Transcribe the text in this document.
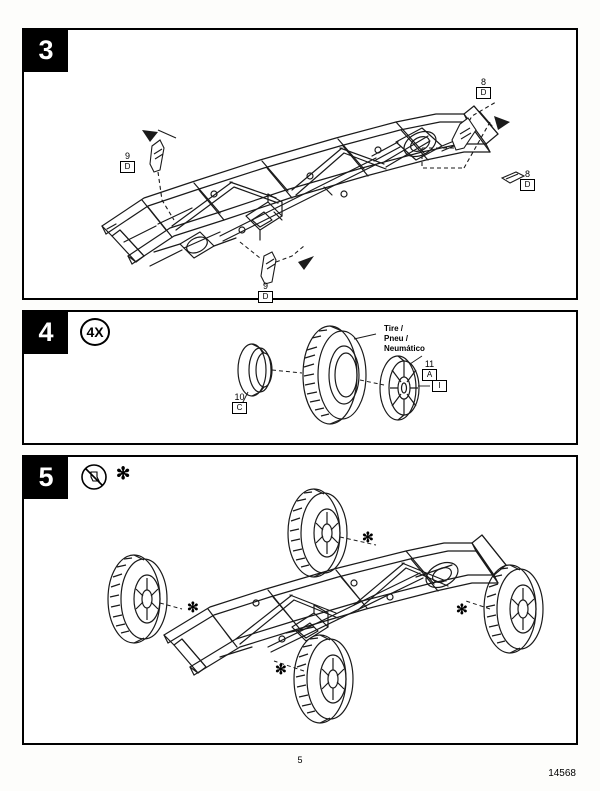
3
9
D
8
D
8
D
9
D
4	4X	Tire /
Pneu /
Neumático
10
C
11
A
I
5	✻
✻
✻	✻
✻
5
14568
